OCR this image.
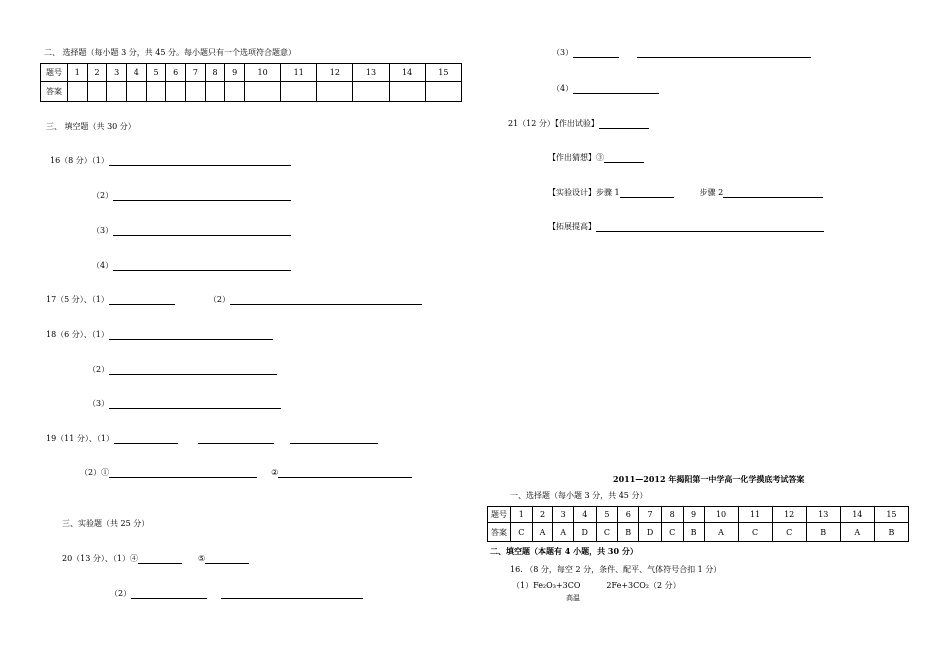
二、 选择题（每小题 3 分，共 45 分。每小题只有一个选项符合题意）
题号	1	2	3	4	5	6	7	8	9	10	11	12	13	14	15
答案															
三、 填空题（共 30 分）
16（8 分）（1）
（2）
（3）
（4）
17（5 分）、（1）	（2）
18（6 分）、（1）
（2）
（3）
19（11 分）、（1）
（2）①	②
三、实验题（共 25 分）
20（13 分）、（1）④	⑤
（2）
（3）
（4）
21（12 分）【作出试验】
【作出猜想】③
【实验设计】步骤 1	步骤 2
【拓展提高】
2011—2012 年揭阳第一中学高一化学摸底考试答案
一、选择题（每小题 3 分，共 45 分）
题号	1	2	3	4	5	6	7	8	9	10	11	12	13	14	15
答案	C	A	A	D	C	B	D	C	B	A	C	C	B	A	B
二、填空题（本题有 4 小题，共 30 分）
16. （8 分，每空 2 分，条件、配平、气体符号合扣 1 分）
（1）Fe₂O₃+3CO	2Fe+3CO₂（2 分）
高温
